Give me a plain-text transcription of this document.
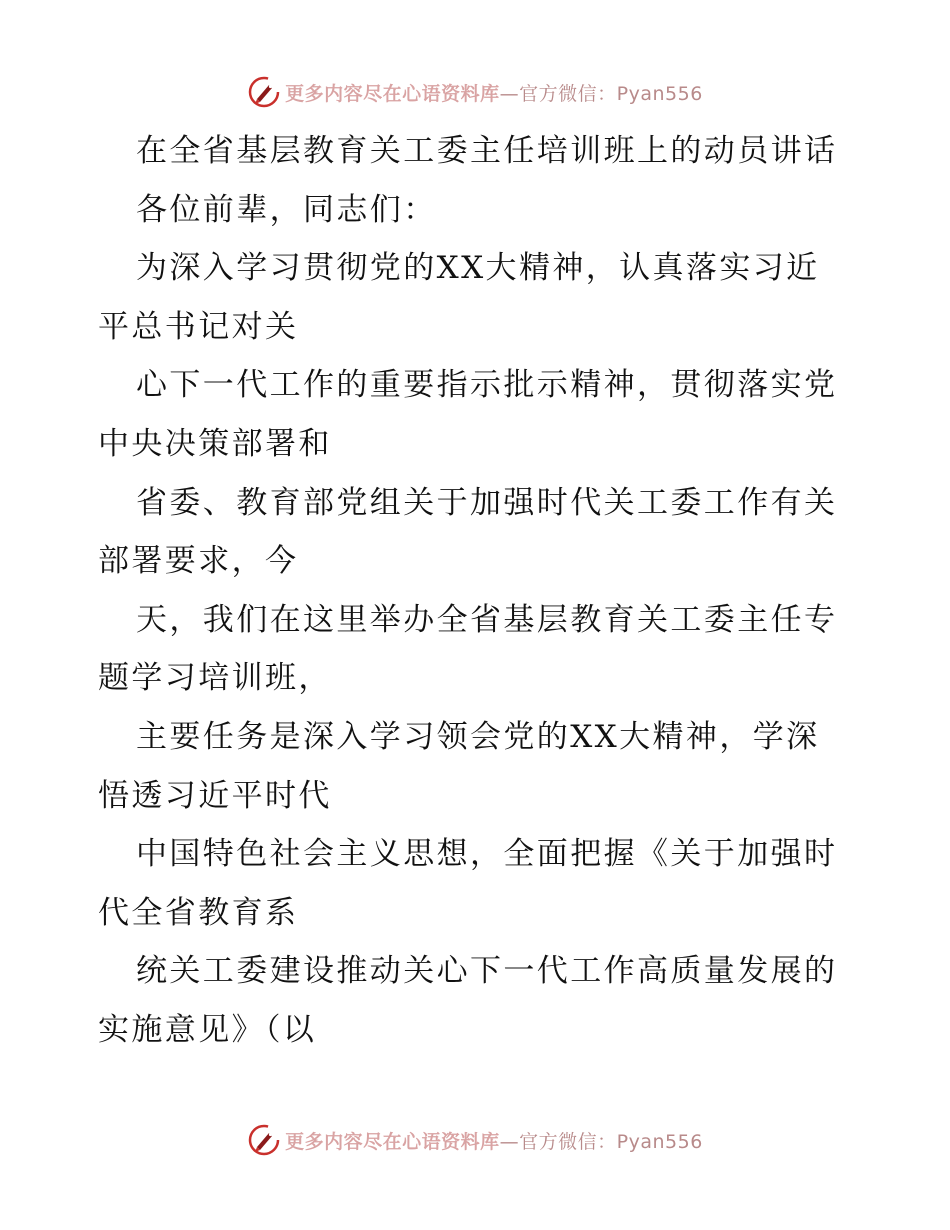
更多内容尽在心语资料库—官方微信：Pyan556
在全省基层教育关工委主任培训班上的动员讲话
各位前辈，同志们：
为深入学习贯彻党的XX大精神，认真落实习近
平总书记对关
心下一代工作的重要指示批示精神，贯彻落实党
中央决策部署和
省委、教育部党组关于加强时代关工委工作有关
部署要求，今
天，我们在这里举办全省基层教育关工委主任专
题学习培训班，
主要任务是深入学习领会党的XX大精神，学深
悟透习近平时代
中国特色社会主义思想，全面把握《关于加强时
代全省教育系
统关工委建设推动关心下一代工作高质量发展的
实施意见》（以
更多内容尽在心语资料库—官方微信：Pyan556
